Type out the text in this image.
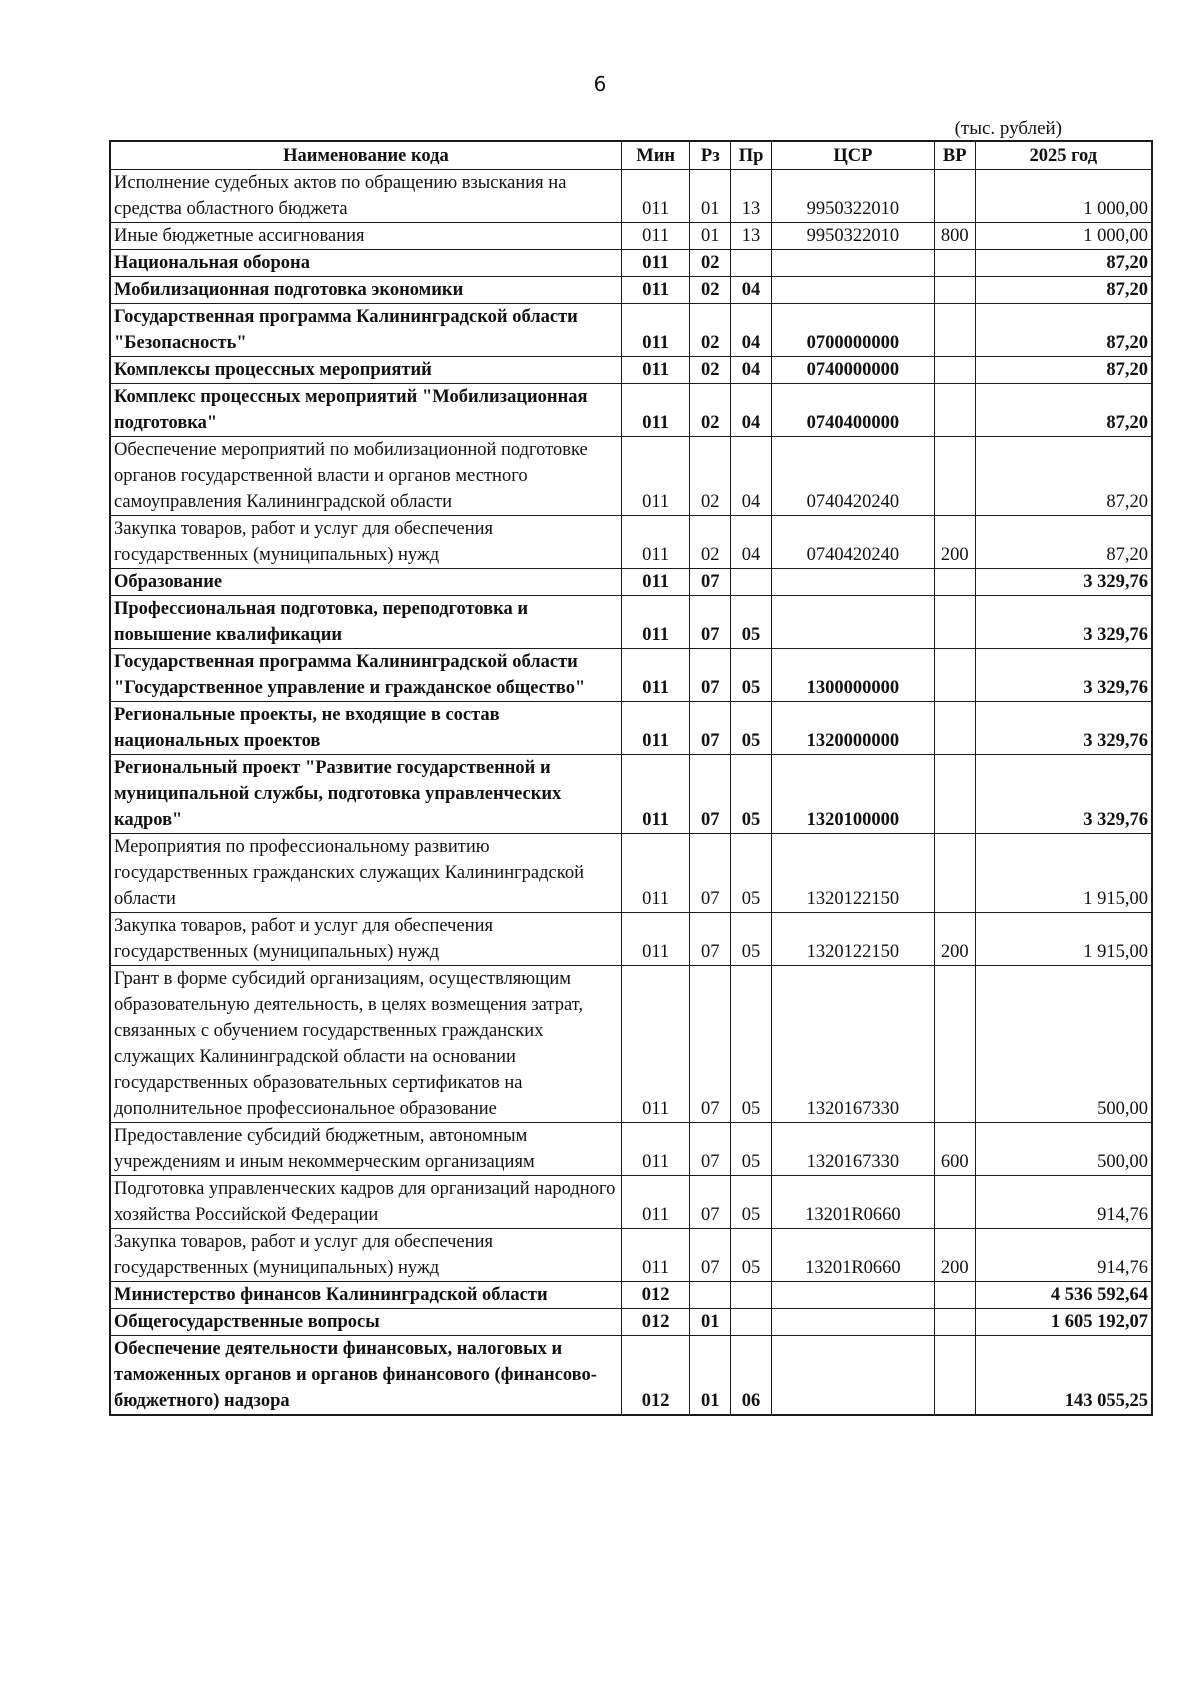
6
(тыс. рублей)
Наименование кода	Мин	Рз	Пр	ЦСР	ВР	2025 год
Исполнение судебных актов по обращению взыскания на средства областного бюджета	011	01	13	9950322010		1 000,00
Иные бюджетные ассигнования	011	01	13	9950322010	800	1 000,00
Национальная оборона	011	02				87,20
Мобилизационная подготовка экономики	011	02	04			87,20
Государственная программа Калининградской области "Безопасность"	011	02	04	0700000000		87,20
Комплексы процессных мероприятий	011	02	04	0740000000		87,20
Комплекс процессных мероприятий "Мобилизационная подготовка"	011	02	04	0740400000		87,20
Обеспечение мероприятий по мобилизационной подготовке органов государственной власти и органов местного самоуправления Калининградской области	011	02	04	0740420240		87,20
Закупка товаров, работ и услуг для обеспечения государственных (муниципальных) нужд	011	02	04	0740420240	200	87,20
Образование	011	07				3 329,76
Профессиональная подготовка, переподготовка и повышение квалификации	011	07	05			3 329,76
Государственная программа Калининградской области "Государственное управление и гражданское общество"	011	07	05	1300000000		3 329,76
Региональные проекты, не входящие в состав национальных проектов	011	07	05	1320000000		3 329,76
Региональный проект "Развитие государственной и муниципальной службы, подготовка управленческих кадров"	011	07	05	1320100000		3 329,76
Мероприятия по профессиональному развитию государственных гражданских служащих Калининградской области	011	07	05	1320122150		1 915,00
Закупка товаров, работ и услуг для обеспечения государственных (муниципальных) нужд	011	07	05	1320122150	200	1 915,00
Грант в форме субсидий организациям, осуществляющим образовательную деятельность, в целях возмещения затрат, связанных с обучением государственных гражданских служащих Калининградской области на основании государственных образовательных сертификатов на дополнительное профессиональное образование	011	07	05	1320167330		500,00
Предоставление субсидий бюджетным, автономным учреждениям и иным некоммерческим организациям	011	07	05	1320167330	600	500,00
Подготовка управленческих кадров для организаций народного хозяйства Российской Федерации	011	07	05	13201R0660		914,76
Закупка товаров, работ и услуг для обеспечения государственных (муниципальных) нужд	011	07	05	13201R0660	200	914,76
Министерство финансов Калининградской области	012					4 536 592,64
Общегосударственные вопросы	012	01				1 605 192,07
Обеспечение деятельности финансовых, налоговых и таможенных органов и органов финансового (финансово-бюджетного) надзора	012	01	06			143 055,25
